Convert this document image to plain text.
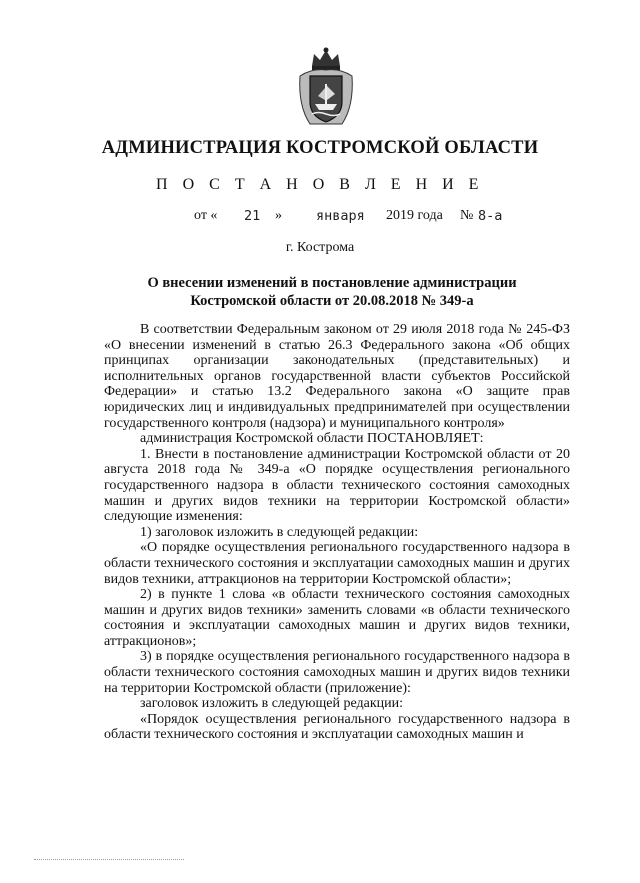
АДМИНИСТРАЦИЯ КОСТРОМСКОЙ ОБЛАСТИ
П О С Т А Н О В Л Е Н И Е
от « 21 »	января 2019 года № 8-а
г. Кострома
О внесении изменений в постановление администрации
Костромской области от 20.08.2018 № 349-а

В соответствии Федеральным законом от 29 июля 2018 года № 245-ФЗ «О внесении изменений в статью 26.3 Федерального закона «Об общих принципах организации законодательных (представительных) и исполнительных органов государственной власти субъектов Российской Федерации» и статью 13.2 Федерального закона «О защите прав юридических лиц и индивидуальных предпринимателей при осуществлении государственного контроля (надзора) и муниципального контроля»

администрация Костромской области ПОСТАНОВЛЯЕТ:

1. Внести в постановление администрации Костромской области от 20 августа 2018 года № 349-а «О порядке осуществления регионального государственного надзора в области технического состояния самоходных машин и других видов техники на территории Костромской области» следующие изменения:

1) заголовок изложить в следующей редакции:

«О порядке осуществления регионального государственного надзора в области технического состояния и эксплуатации самоходных машин и других видов техники, аттракционов на территории Костромской области»;

2) в пункте 1 слова «в области технического состояния самоходных машин и других видов техники» заменить словами «в области технического состояния и эксплуатации самоходных машин и других видов техники, аттракционов»;

3) в порядке осуществления регионального государственного надзора в области технического состояния самоходных машин и других видов техники на территории Костромской области (приложение):

заголовок изложить в следующей редакции:

«Порядок осуществления регионального государственного надзора в области технического состояния и эксплуатации самоходных машин и
